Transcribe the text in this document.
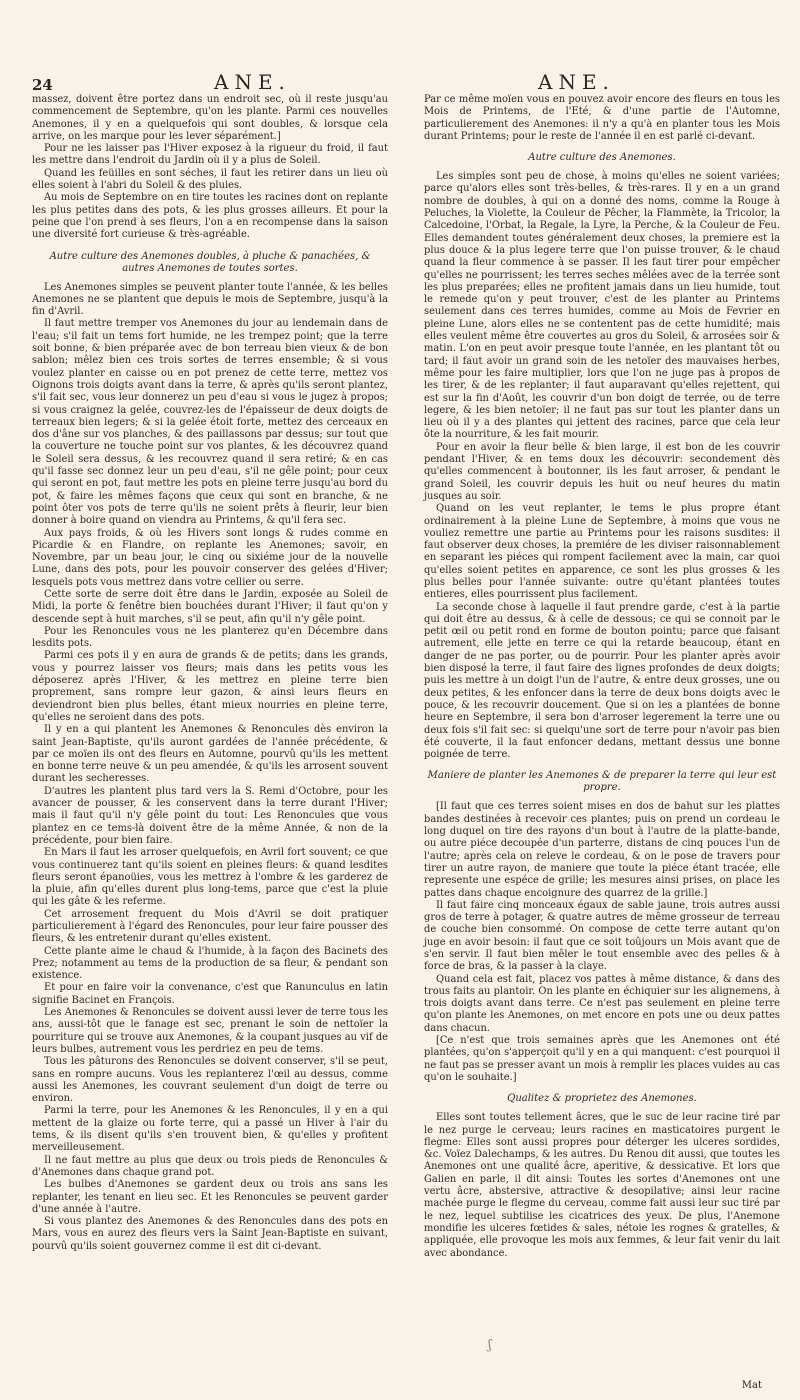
24	ANE.	ANE.

massez, doivent être portez dans un endroit sec, où il reste jusqu'au commencement de Septembre, qu'on les plante. Parmi ces nouvelles Anemones, il y en a quelquefois qui sont doubles, & lorsque cela arrive, on les marque pour les lever séparément.]

Pour ne les laisser pas l'Hiver exposez à la rigueur du froid, il faut les mettre dans l'endroit du Jardin où il y a plus de Soleil.

Quand les feüilles en sont séches, il faut les retirer dans un lieu où elles soient à l'abri du Soleil & des pluies.

Au mois de Septembre on en tire toutes les racines dont on replante les plus petites dans des pots, & les plus grosses ailleurs. Et pour la peine que l'on prend à ses fleurs, l'on a en recompense dans la saison une diversité fort curieuse & très-agréable.

Autre culture des Anemones doubles, à pluche & panachées, & autres Anemones de toutes sortes.

Les Anemones simples se peuvent planter toute l'année, & les belles Anemones ne se plantent que depuis le mois de Septembre, jusqu'à la fin d'Avril.

Il faut mettre tremper vos Anemones du jour au lendemain dans de l'eau; s'il fait un tems fort humide, ne les trempez point; que la terre soit bonne, & bien préparée avec de bon terreau bien vieux & de bon sablon; mêlez bien ces trois sortes de terres ensemble; & si vous voulez planter en caisse ou en pot prenez de cette terre, mettez vos Oignons trois doigts avant dans la terre, & après qu'ils seront plantez, s'il fait sec, vous leur donnerez un peu d'eau si vous le jugez à propos; si vous craignez la gelée, couvrez-les de l'épaisseur de deux doigts de terreaux bien legers; & si la gelée étoit forte, mettez des cerceaux en dos d'âne sur vos planches, & des paillassons par dessus; sur tout que la couverture ne touche point sur vos plantes, & les découvrez quand le Soleil sera dessus, & les recouvrez quand il sera retiré; & en cas qu'il fasse sec donnez leur un peu d'eau, s'il ne gêle point; pour ceux qui seront en pot, faut mettre les pots en pleine terre jusqu'au bord du pot, & faire les mêmes façons que ceux qui sont en branche, & ne point ôter vos pots de terre qu'ils ne soient prêts à fleurir, leur bien donner à boire quand on viendra au Printems, & qu'il fera sec.

Aux pays froids, & où les Hivers sont longs & rudes comme en Picardie & en Flandre, on replante les Anemones; savoir, en Novembre, par un beau jour, le cinq ou sixiéme jour de la nouvelle Lune, dans des pots, pour les pouvoir conserver des gelées d'Hiver; lesquels pots vous mettrez dans votre cellier ou serre.

Cette sorte de serre doit être dans le Jardin, exposée au Soleil de Midi, la porte & fenêtre bien bouchées durant l'Hiver; il faut qu'on y descende sept à huit marches, s'il se peut, afin qu'il n'y gêle point.

Pour les Renoncules vous ne les planterez qu'en Décembre dans lesdits pots.

Parmi ces pots il y en aura de grands & de petits; dans les grands, vous y pourrez laisser vos fleurs; mais dans les petits vous les déposerez après l'Hiver, & les mettrez en pleine terre bien proprement, sans rompre leur gazon, & ainsi leurs fleurs en deviendront bien plus belles, étant mieux nourries en pleine terre, qu'elles ne seroient dans des pots.

Il y en a qui plantent les Anemones & Renoncules dès environ la saint Jean-Baptiste, qu'ils auront gardées de l'année précédente, & par ce moïen ils ont des fleurs en Automne, pourvû qu'ils les mettent en bonne terre neuve & un peu amendée, & qu'ils les arrosent souvent durant les secheresses.

D'autres les plantent plus tard vers la S. Remi d'Octobre, pour les avancer de pousser, & les conservent dans la terre durant l'Hiver; mais il faut qu'il n'y gêle point du tout: Les Renoncules que vous plantez en ce tems-là doivent être de la même Année, & non de la précédente, pour bien faire.

En Mars il faut les arroser quelquefois, en Avril fort souvent; ce que vous continuerez tant qu'ils soient en pleines fleurs: & quand lesdites fleurs seront épanoüies, vous les mettrez à l'ombre & les garderez de la pluie, afin qu'elles durent plus long-tems, parce que c'est la pluie qui les gâte & les referme.

Cet arrosement frequent du Mois d'Avril se doit pratiquer particulierement à l'égard des Renoncules, pour leur faire pousser des fleurs, & les entretenir durant qu'elles existent.

Cette plante aime le chaud & l'humide, à la façon des Bacinets des Prez; notamment au tems de la production de sa fleur, & pendant son existence.

Et pour en faire voir la convenance, c'est que Ranunculus en latin signifie Bacinet en François.

Les Anemones & Renoncules se doivent aussi lever de terre tous les ans, aussi-tôt que le fanage est sec, prenant le soin de nettoïer la pourriture qui se trouve aux Anemones, & la coupant jusques au vif de leurs bulbes, autrement vous les perdriez en peu de tems.

Tous les pâturons des Renoncules se doivent conserver, s'il se peut, sans en rompre aucuns. Vous les replanterez l'œil au dessus, comme aussi les Anemones, les couvrant seulement d'un doigt de terre ou environ.

Parmi la terre, pour les Anemones & les Renoncules, il y en a qui mettent de la glaize ou forte terre, qui a passé un Hiver à l'air du tems, & ils disent qu'ils s'en trouvent bien, & qu'elles y profitent merveilleusement.

Il ne faut mettre au plus que deux ou trois pieds de Renoncules & d'Anemones dans chaque grand pot.

Les bulbes d'Anemones se gardent deux ou trois ans sans les replanter, les tenant en lieu sec. Et les Renoncules se peuvent garder d'une année à l'autre.

Si vous plantez des Anemones & des Renoncules dans des pots en Mars, vous en aurez des fleurs vers la Saint Jean-Baptiste en suivant, pourvû qu'ils soient gouvernez comme il est dit ci-devant.

Par ce même moïen vous en pouvez avoir encore des fleurs en tous les Mois de Printems, de l'Eté, & d'une partie de l'Automne, particulierement des Anemones: il n'y a qu'à en planter tous les Mois durant Printems; pour le reste de l'année il en est parlé ci-devant.

Autre culture des Anemones.

Les simples sont peu de chose, à moins qu'elles ne soient variées; parce qu'alors elles sont très-belles, & très-rares. Il y en a un grand nombre de doubles, à qui on a donné des noms, comme la Rouge à Peluches, la Violette, la Couleur de Pêcher, la Flammète, la Tricolor, la Calcedoine, l'Orbat, la Regale, la Lyre, la Perche, & la Couleur de Feu. Elles demandent toutes généralement deux choses, la premiere est la plus douce & la plus legere terre que l'on puisse trouver, & le chaud quand la fleur commence à se passer. Il les faut tirer pour empêcher qu'elles ne pourrissent; les terres seches mêlées avec de la terrée sont les plus preparées; elles ne profitent jamais dans un lieu humide, tout le remede qu'on y peut trouver, c'est de les planter au Printems seulement dans ces terres humides, comme au Mois de Fevrier en pleine Lune, alors elles ne se contentent pas de cette humidité; mais elles veulent même être couvertes au gros du Soleil, & arrosées soir & matin. L'on en peut avoir presque toute l'année, en les plantant tôt ou tard; il faut avoir un grand soin de les netoïer des mauvaises herbes, même pour les faire multiplier, lors que l'on ne juge pas à propos de les tirer, & de les replanter; il faut auparavant qu'elles rejettent, qui est sur la fin d'Août, les couvrir d'un bon doigt de terrée, ou de terre legere, & les bien netoïer; il ne faut pas sur tout les planter dans un lieu où il y a des plantes qui jettent des racines, parce que cela leur ôte la nourriture, & les fait mourir.

Pour en avoir la fleur belle & bien large, il est bon de les couvrir pendant l'Hiver, & en tems doux les découvrir: secondement dès qu'elles commencent à boutonner, ils les faut arroser, & pendant le grand Soleil, les couvrir depuis les huit ou neuf heures du matin jusques au soir.

Quand on les veut replanter, le tems le plus propre étant ordinairement à la pleine Lune de Septembre, à moins que vous ne vouliez remettre une partie au Printems pour les raisons susdites: il faut observer deux choses, la premiére de les diviser raisonnablement en separant les piéces qui rompent facilement avec la main, car quoi qu'elles soient petites en apparence, ce sont les plus grosses & les plus belles pour l'année suivante: outre qu'étant plantées toutes entieres, elles pourrissent plus facilement.

La seconde chose à laquelle il faut prendre garde, c'est à la partie qui doit être au dessus, & à celle de dessous; ce qui se connoit par le petit œil ou petit rond en forme de bouton pointu; parce que faisant autrement, elle jette en terre ce qui la retarde beaucoup, étant en danger de ne pas porter, ou de pourrir. Pour les planter après avoir bien disposé la terre, il faut faire des lignes profondes de deux doigts; puis les mettre à un doigt l'un de l'autre, & entre deux grosses, une ou deux petites, & les enfoncer dans la terre de deux bons doigts avec le pouce, & les recouvrir doucement. Que si on les a plantées de bonne heure en Septembre, il sera bon d'arroser legerement la terre une ou deux fois s'il fait sec: si quelqu'une sort de terre pour n'avoir pas bien été couverte, il la faut enfoncer dedans, mettant dessus une bonne poignée de terre.

Maniere de planter les Anemones & de preparer la terre qui leur est propre.

[Il faut que ces terres soient mises en dos de bahut sur les plattes bandes destinées à recevoir ces plantes; puis on prend un cordeau le long duquel on tire des rayons d'un bout à l'autre de la platte-bande, ou autre piéce decoupée d'un parterre, distans de cinq pouces l'un de l'autre; après cela on releve le cordeau, & on le pose de travers pour tirer un autre rayon, de maniere que toute la piéce étant tracée, elle represente une espéce de grille; les mesures ainsi prises, on place les pattes dans chaque encoignure des quarrez de la grille.]

Il faut faire cinq monceaux égaux de sable jaune, trois autres aussi gros de terre à potager, & quatre autres de même grosseur de terreau de couche bien consommé. On compose de cette terre autant qu'on juge en avoir besoin: il faut que ce soit toûjours un Mois avant que de s'en servir. Il faut bien mêler le tout ensemble avec des pelles & à force de bras, & la passer à la claye.

Quand cela est fait, placez vos pattes à même distance, & dans des trous faits au plantoir. On les plante en échiquier sur les alignemens, à trois doigts avant dans terre. Ce n'est pas seulement en pleine terre qu'on plante les Anemones, on met encore en pots une ou deux pattes dans chacun.

[Ce n'est que trois semaines après que les Anemones ont été plantées, qu'on s'apperçoit qu'il y en a qui manquent: c'est pourquoi il ne faut pas se presser avant un mois à remplir les places vuides au cas qu'on le souhaite.]

Qualitez & proprietez des Anemones.

Elles sont toutes tellement âcres, que le suc de leur racine tiré par le nez purge le cerveau; leurs racines en masticatoires purgent le flegme: Elles sont aussi propres pour déterger les ulceres sordides, &c. Voïez Dalechamps, & les autres. Du Renou dit aussi, que toutes les Anemones ont une qualité âcre, aperitive, & dessicative. Et lors que Galien en parle, il dit ainsi: Toutes les sortes d'Anemones ont une vertu âcre, abstersive, attractive & desopilative; ainsi leur racine machée purge le flegme du cerveau, comme fait aussi leur suc tiré par le nez, lequel subtilise les cicatrices des yeux. De plus, l'Anemone mondifie les ulceres fœtides & sales, nétoie les rognes & gratelles, & appliquée, elle provoque les mois aux femmes, & leur fait venir du lait avec abondance.

ʃ
Mat
